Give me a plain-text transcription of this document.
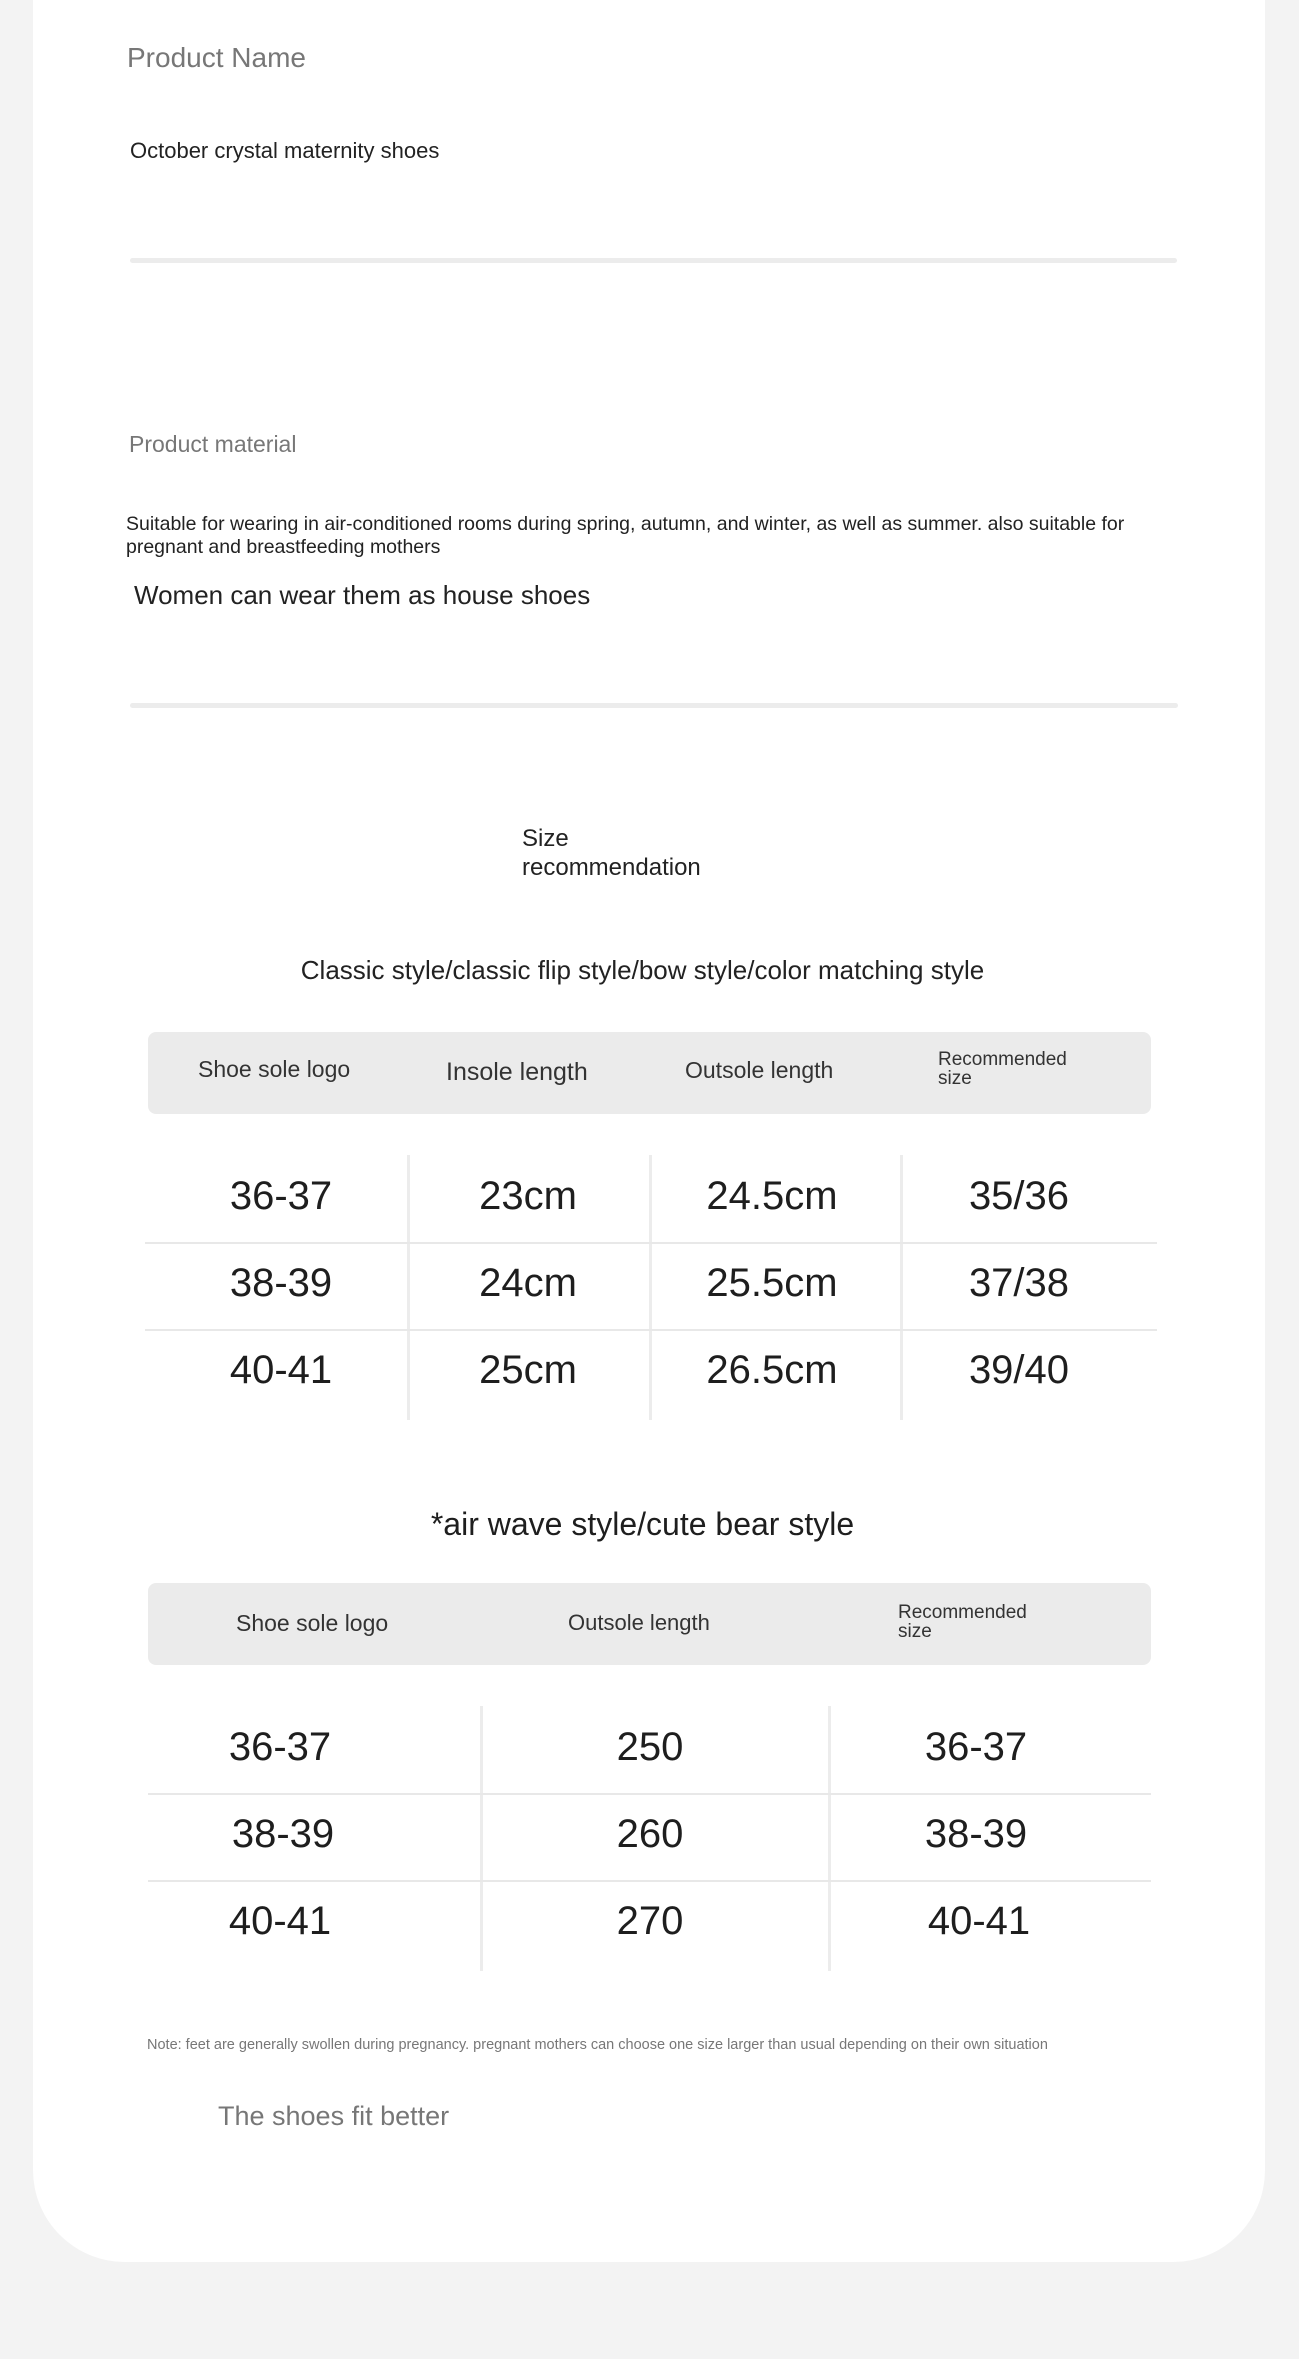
Product Name
October crystal maternity shoes
Product material
Suitable for wearing in air-conditioned rooms during spring, autumn, and winter, as well as summer. also suitable for pregnant and breastfeeding mothers
Women can wear them as house shoes
Size
recommendation
Classic style/classic flip style/bow style/color matching style
Shoe sole logo	Insole length	Outsole length	Recommended size
36-37	23cm	24.5cm	35/36
38-39	24cm	25.5cm	37/38
40-41	25cm	26.5cm	39/40
*air wave style/cute bear style
Shoe sole logo	Outsole length	Recommended size
36-37	250	36-37
38-39	260	38-39
40-41	270	40-41
Note: feet are generally swollen during pregnancy. pregnant mothers can choose one size larger than usual depending on their own situation
The shoes fit better
